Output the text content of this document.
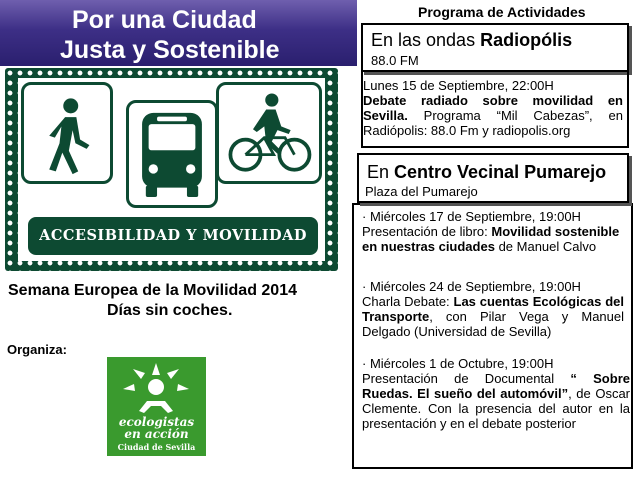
Por una Ciudad
Justa y Sostenible
ACCESIBILIDAD Y MOVILIDAD
Semana Europea de la Movilidad 2014
Días sin coches.
Organiza:
ecologistas
en acción
Ciudad de Sevilla
Programa de Actividades
En las ondas Radiopólis
88.0 FM

Lunes 15 de Septiembre, 22:00H

Debate radiado sobre movilidad en Sevilla. Programa “Mil Cabezas”, en Radiópolis: 88.0 Fm y radiopolis.org

En Centro Vecinal Pumarejo
Plaza del Pumarejo

· Miércoles 17 de Septiembre, 19:00H

Presentación de libro: Movilidad sostenible en nuestras ciudades de Manuel Calvo

· Miércoles 24 de Septiembre, 19:00H

Charla Debate: Las cuentas Ecológicas del Transporte, con Pilar Vega y Manuel Delgado (Universidad de Sevilla)

· Miércoles 1 de Octubre, 19:00H

Presentación de Documental “ Sobre Ruedas. El sueño del automóvil”, de Oscar Clemente. Con la presencia del autor en la presentación y en el debate posterior
